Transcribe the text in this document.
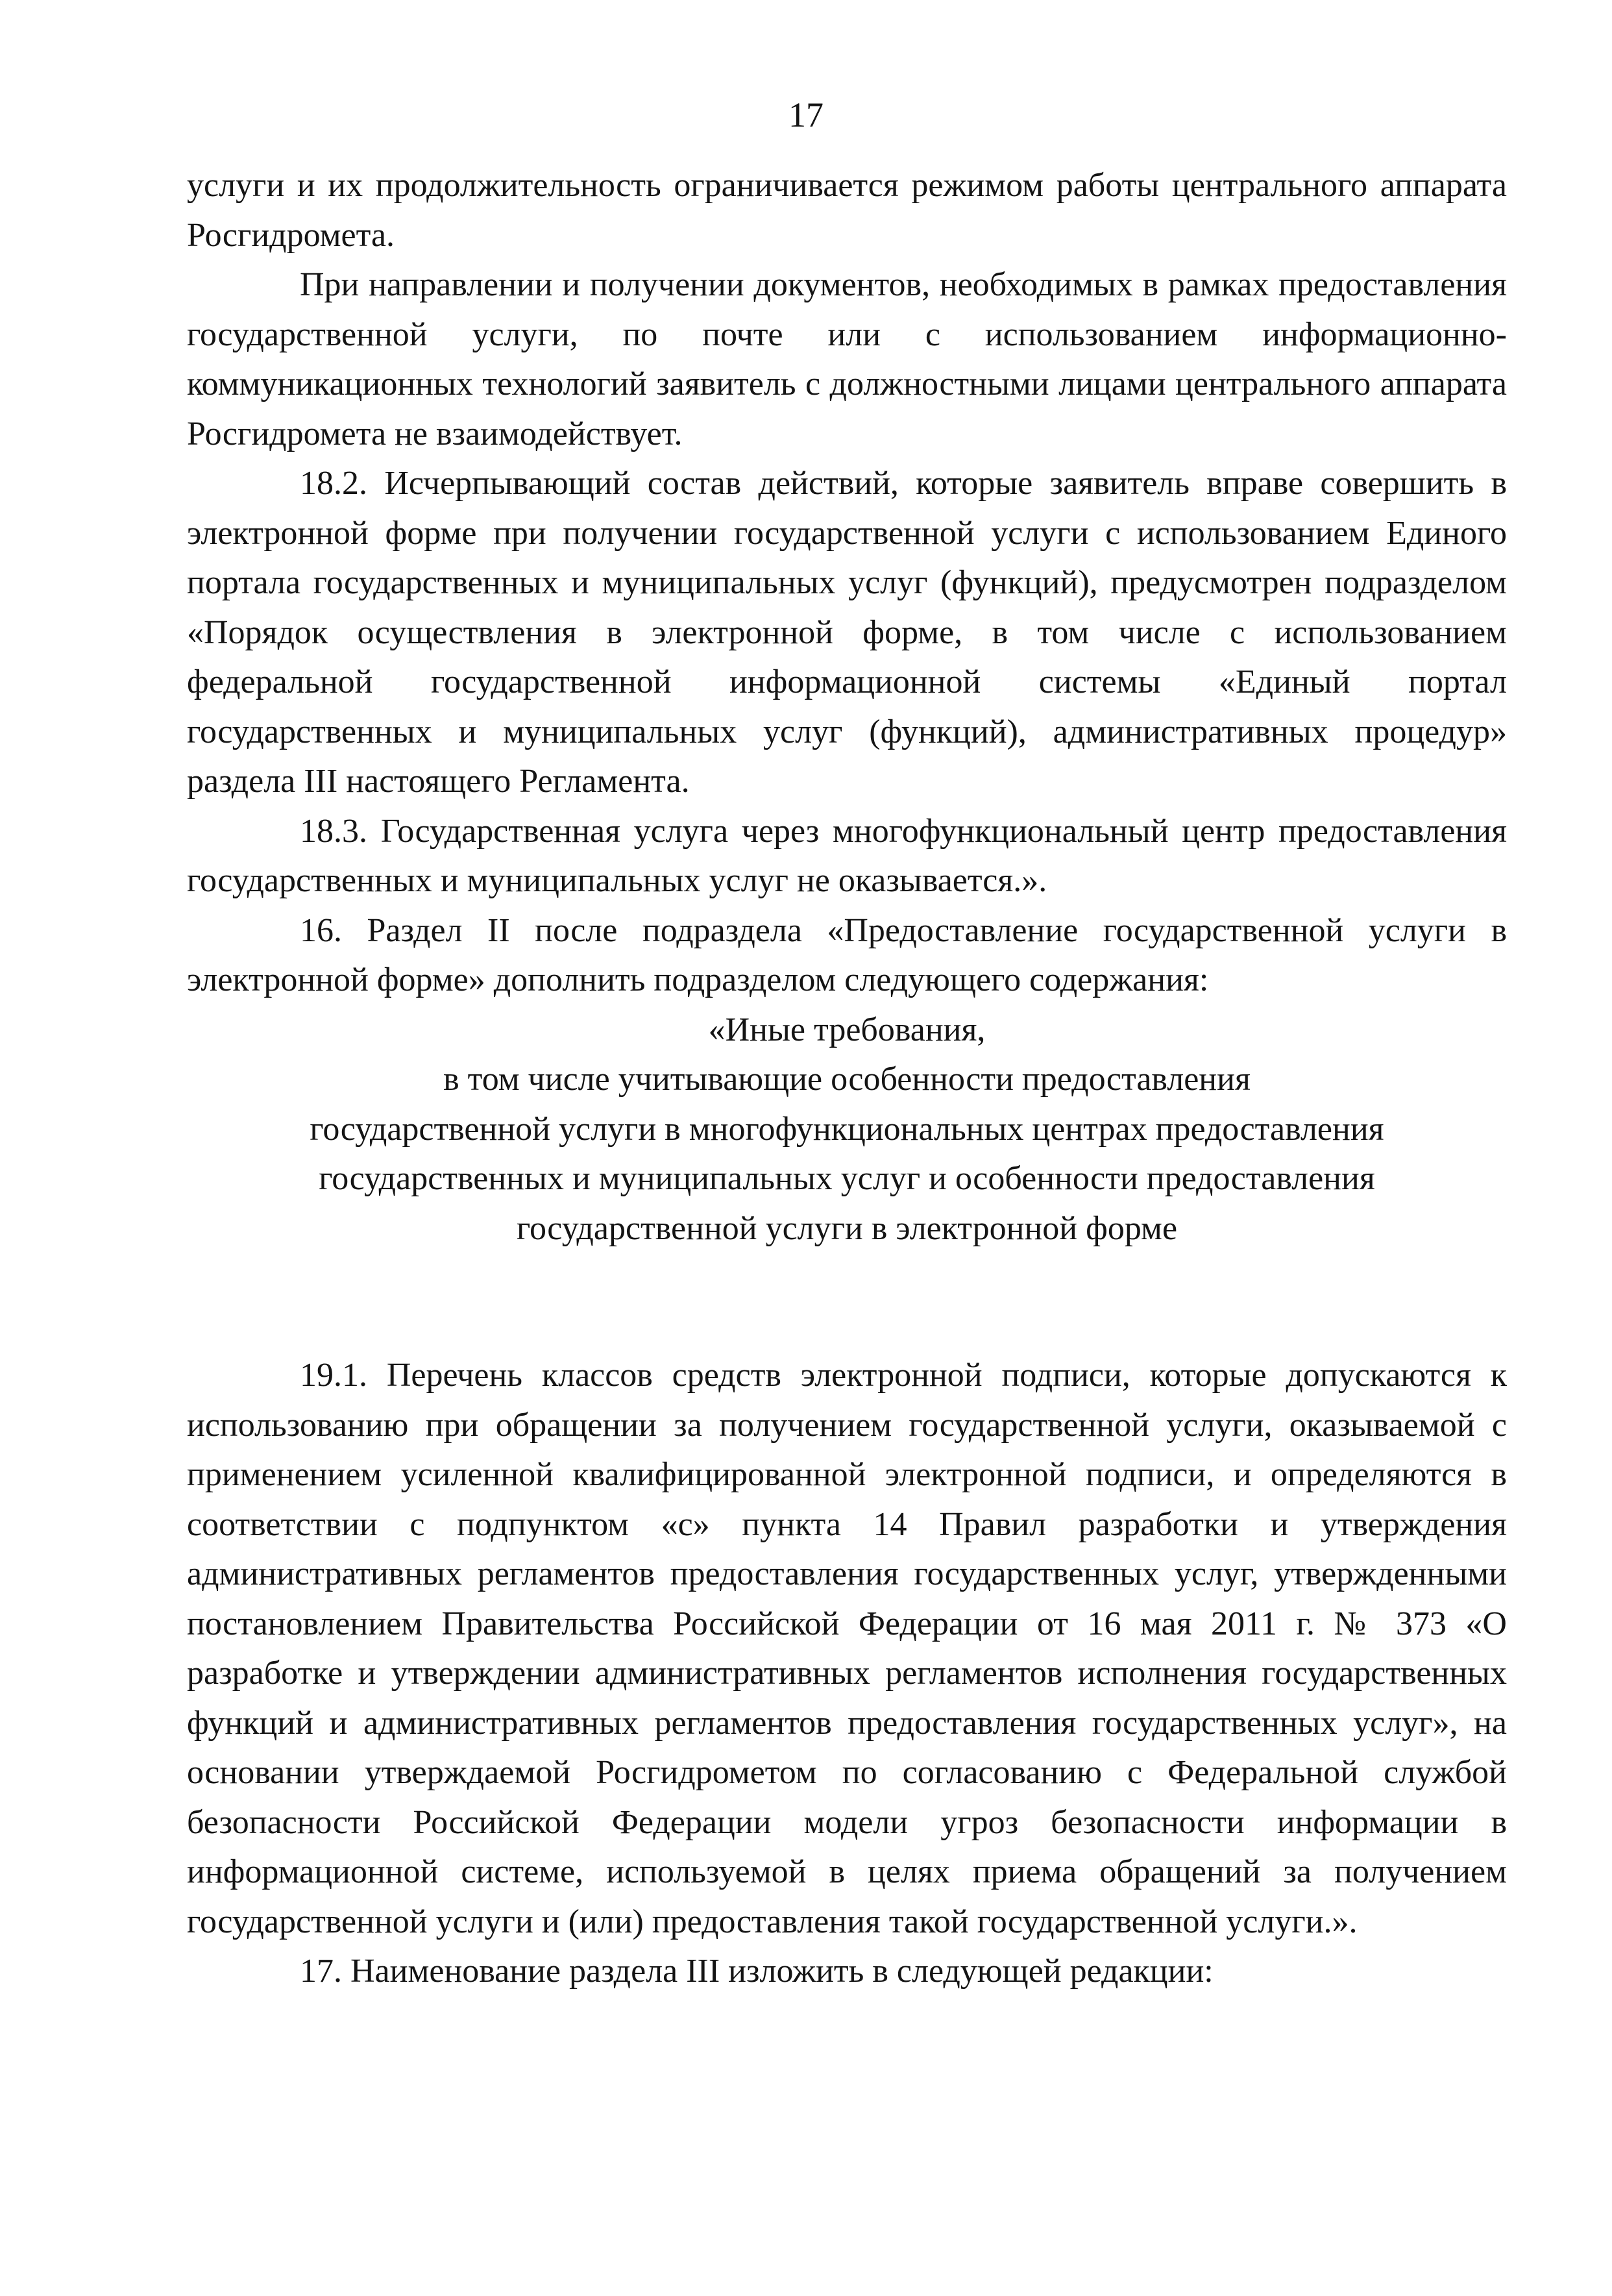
17

услуги и их продолжительность ограничивается режимом работы центрального аппарата Росгидромета.

При направлении и получении документов, необходимых в рамках предоставления государственной услуги, по почте или с использованием информационно-коммуникационных технологий заявитель с должностными лицами центрального аппарата Росгидромета не взаимодействует.

18.2. Исчерпывающий состав действий, которые заявитель вправе совершить в электронной форме при получении государственной услуги с использованием Единого портала государственных и муниципальных услуг (функций), предусмотрен подразделом «Порядок осуществления в электронной форме, в том числе с использованием федеральной государственной информационной системы «Единый портал государственных и муниципальных услуг (функций), административных процедур» раздела III настоящего Регламента.

18.3. Государственная услуга через многофункциональный центр предоставления государственных и муниципальных услуг не оказывается.».

16. Раздел II после подраздела «Предоставление государственной услуги в электронной форме» дополнить подразделом следующего содержания:

«Иные требования,
в том числе учитывающие особенности предоставления
государственной услуги в многофункциональных центрах предоставления
государственных и муниципальных услуг и особенности предоставления
государственной услуги в электронной форме

19.1. Перечень классов средств электронной подписи, которые допускаются к использованию при обращении за получением государственной услуги, оказываемой с применением усиленной квалифицированной электронной подписи, и определяются в соответствии с подпунктом «с» пункта 14 Правил разработки и утверждения административных регламентов предоставления государственных услуг, утвержденными постановлением Правительства Российской Федерации от 16 мая 2011 г. № 373 «О разработке и утверждении административных регламентов исполнения государственных функций и административных регламентов предоставления государственных услуг», на основании утверждаемой Росгидрометом по согласованию с Федеральной службой безопасности Российской Федерации модели угроз безопасности информации в информационной системе, используемой в целях приема обращений за получением государственной услуги и (или) предоставления такой государственной услуги.».

17. Наименование раздела III изложить в следующей редакции:
